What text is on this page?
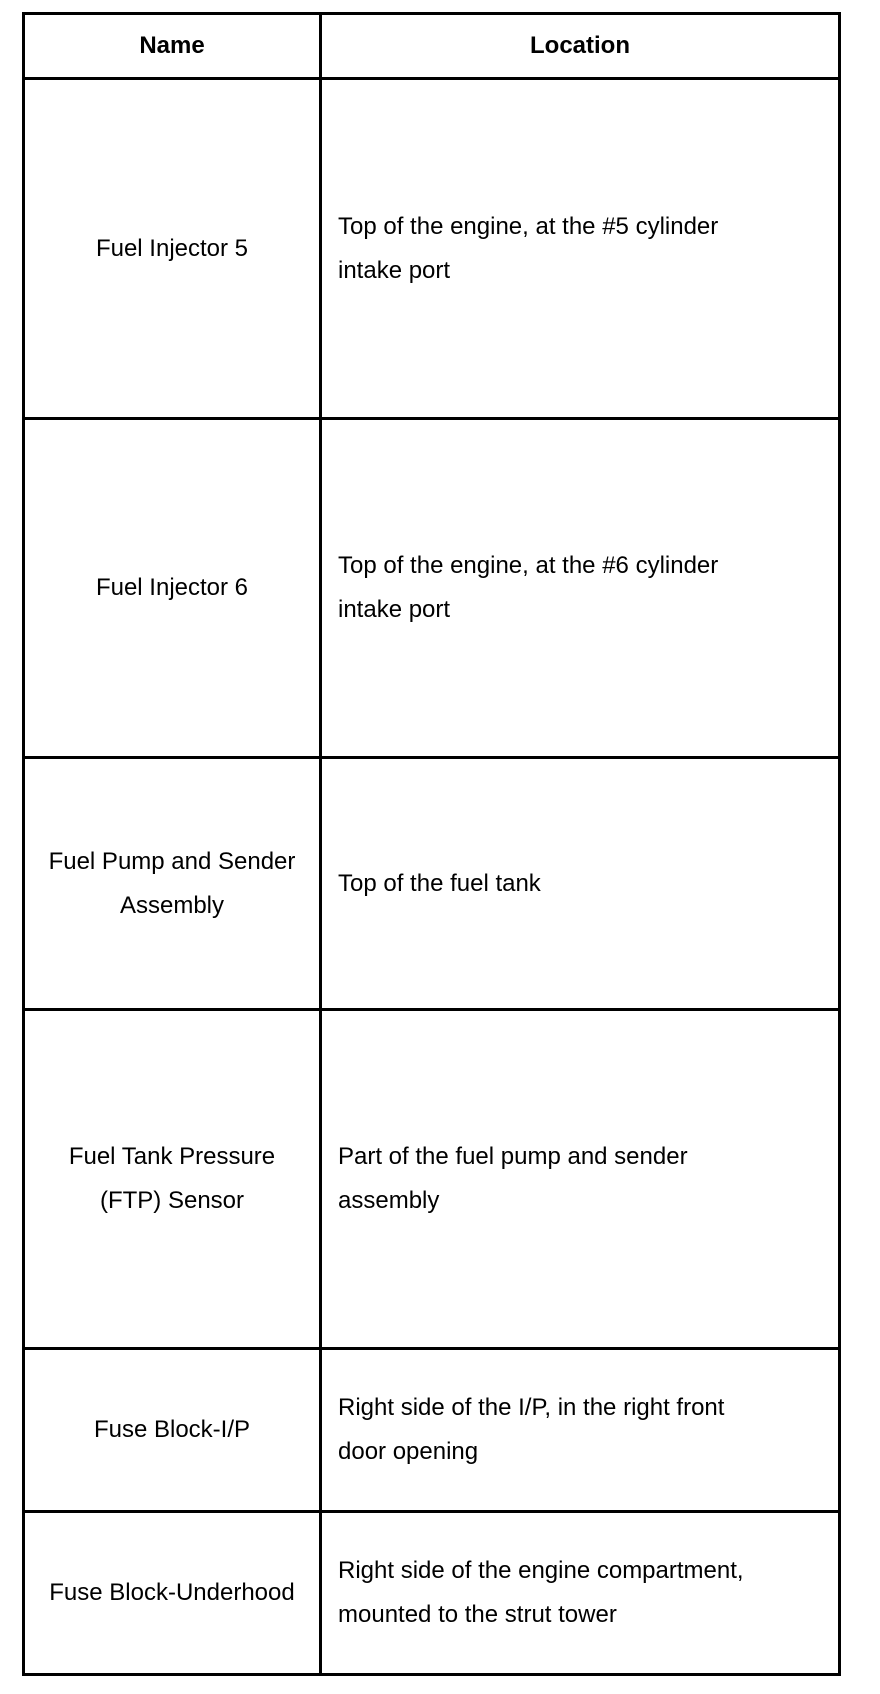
Name	Location

Fuel Injector 5	Top of the engine, at the #5 cylinder intake port

Fuel Injector 6	Top of the engine, at the #6 cylinder intake port

Fuel Pump and Sender Assembly	Top of the fuel tank

Fuel Tank Pressure (FTP) Sensor	Part of the fuel pump and sender assembly

Fuse Block-I/P	Right side of the I/P, in the right front door opening

Fuse Block-Underhood	Right side of the engine compartment, mounted to the strut tower
